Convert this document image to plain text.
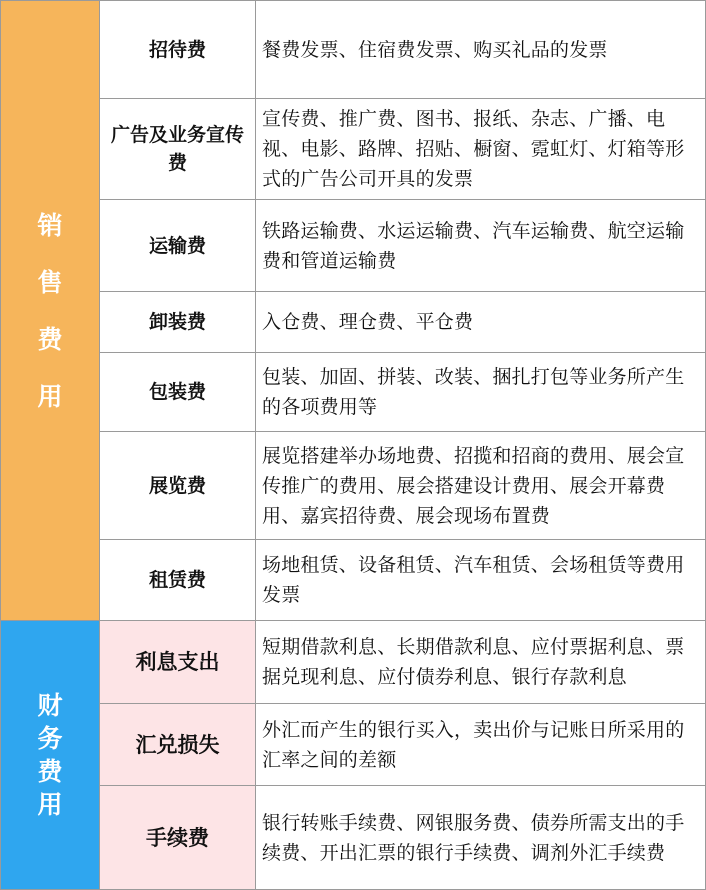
销
售
费
用
招待费	餐费发票、住宿费发票、购买礼品的发票
广告及业务宣传费
宣传费、推广费、图书、报纸、杂志、广播、电视、电影、路牌、招贴、橱窗、霓虹灯、灯箱等形式的广告公司开具的发票
运输费
铁路运输费、水运运输费、汽车运输费、航空运输费和管道运输费
卸装费	入仓费、理仓费、平仓费
包装费
包装、加固、拼装、改装、捆扎打包等业务所产生的各项费用等
展览费
展览搭建举办场地费、招揽和招商的费用、展会宣传推广的费用、展会搭建设计费用、展会开幕费用、嘉宾招待费、展会现场布置费
租赁费
场地租赁、设备租赁、汽车租赁、会场租赁等费用发票
财
务
费
用
利息支出
短期借款利息、长期借款利息、应付票据利息、票据兑现利息、应付债券利息、银行存款利息
汇兑损失
外汇而产生的银行买入，卖出价与记账日所采用的汇率之间的差额
手续费
银行转账手续费、网银服务费、债券所需支出的手续费、开出汇票的银行手续费、调剂外汇手续费
